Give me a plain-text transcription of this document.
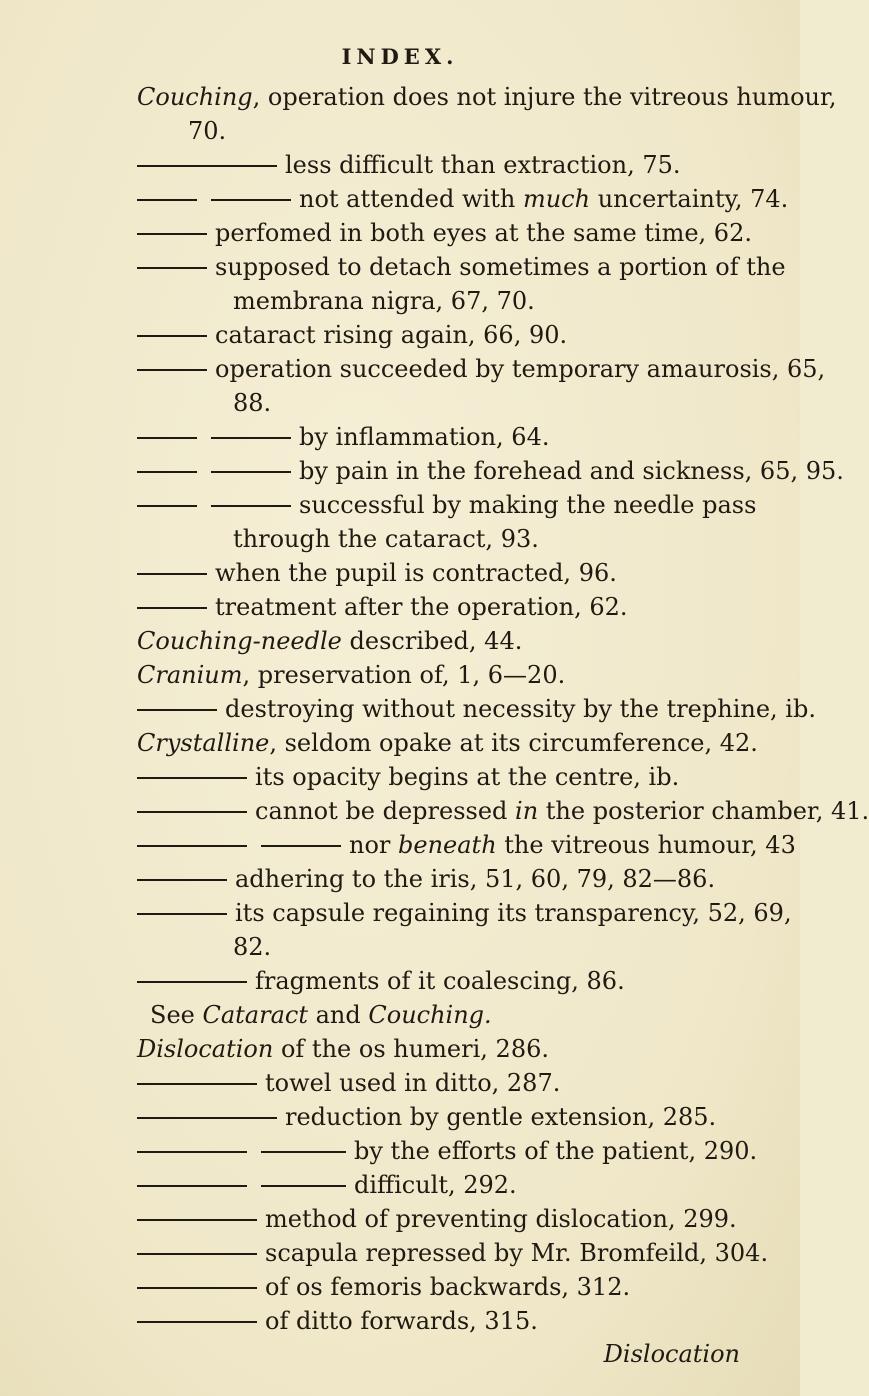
INDEX.
Couching, operation does not injure the vitreous humour,
70.
less difficult than extraction, 75.
not attended with much uncertainty, 74.
perfomed in both eyes at the same time, 62.
supposed to detach sometimes a portion of the
membrana nigra, 67, 70.
cataract rising again, 66, 90.
operation succeeded by temporary amaurosis, 65,
88.
by inflammation, 64.
by pain in the forehead and sickness, 65, 95.
successful by making the needle pass
through the cataract, 93.
when the pupil is contracted, 96.
treatment after the operation, 62.
Couching-needle described, 44.
Cranium, preservation of, 1, 6—20.
destroying without necessity by the trephine, ib.
Crystalline, seldom opake at its circumference, 42.
its opacity begins at the centre, ib.
cannot be depressed in the posterior chamber, 41.
nor beneath the vitreous humour, 43
adhering to the iris, 51, 60, 79, 82—86.
its capsule regaining its transparency, 52, 69,
82.
fragments of it coalescing, 86.
See Cataract and Couching.
Dislocation of the os humeri, 286.
towel used in ditto, 287.
reduction by gentle extension, 285.
by the efforts of the patient, 290.
difficult, 292.
method of preventing dislocation, 299.
scapula repressed by Mr. Bromfeild, 304.
of os femoris backwards, 312.
of ditto forwards, 315.
Dislocation
